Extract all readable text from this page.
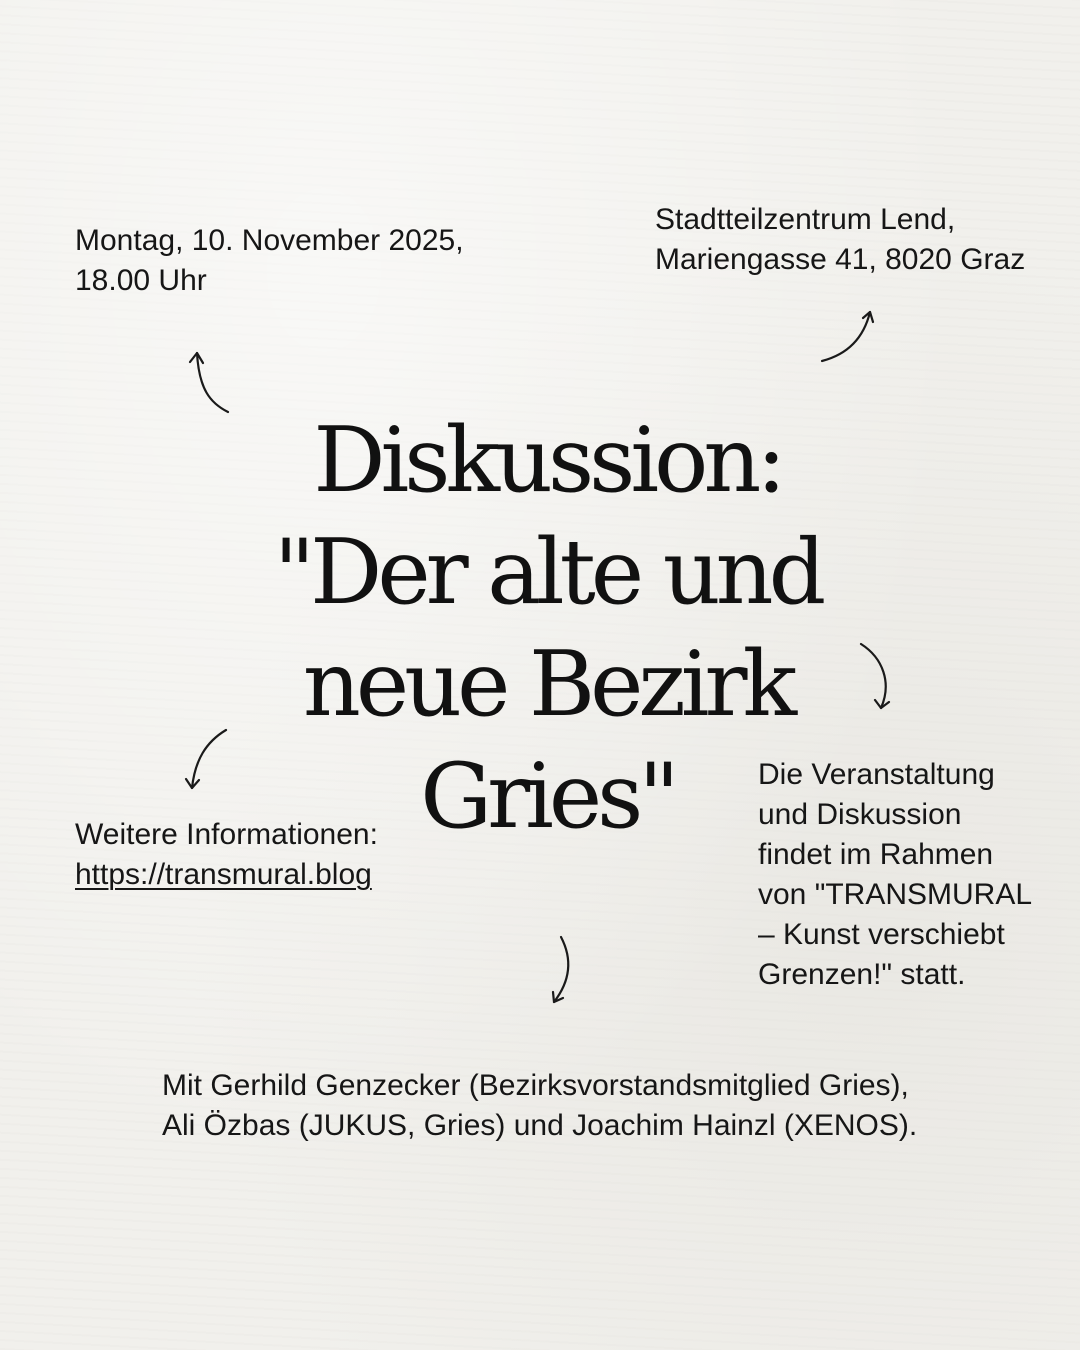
Montag, 10. November 2025,
18.00 Uhr

Stadtteilzentrum Lend,
Mariengasse 41, 8020 Graz

Diskussion:
"Der alte und
neue Bezirk
Gries"

Weitere Informationen:
https://transmural.blog

Die Veranstaltung
und Diskussion
findet im Rahmen
von "TRANSMURAL
– Kunst verschiebt
Grenzen!" statt.

Mit Gerhild Genzecker (Bezirksvorstandsmitglied Gries),
Ali Özbas (JUKUS, Gries) und Joachim Hainzl (XENOS).
